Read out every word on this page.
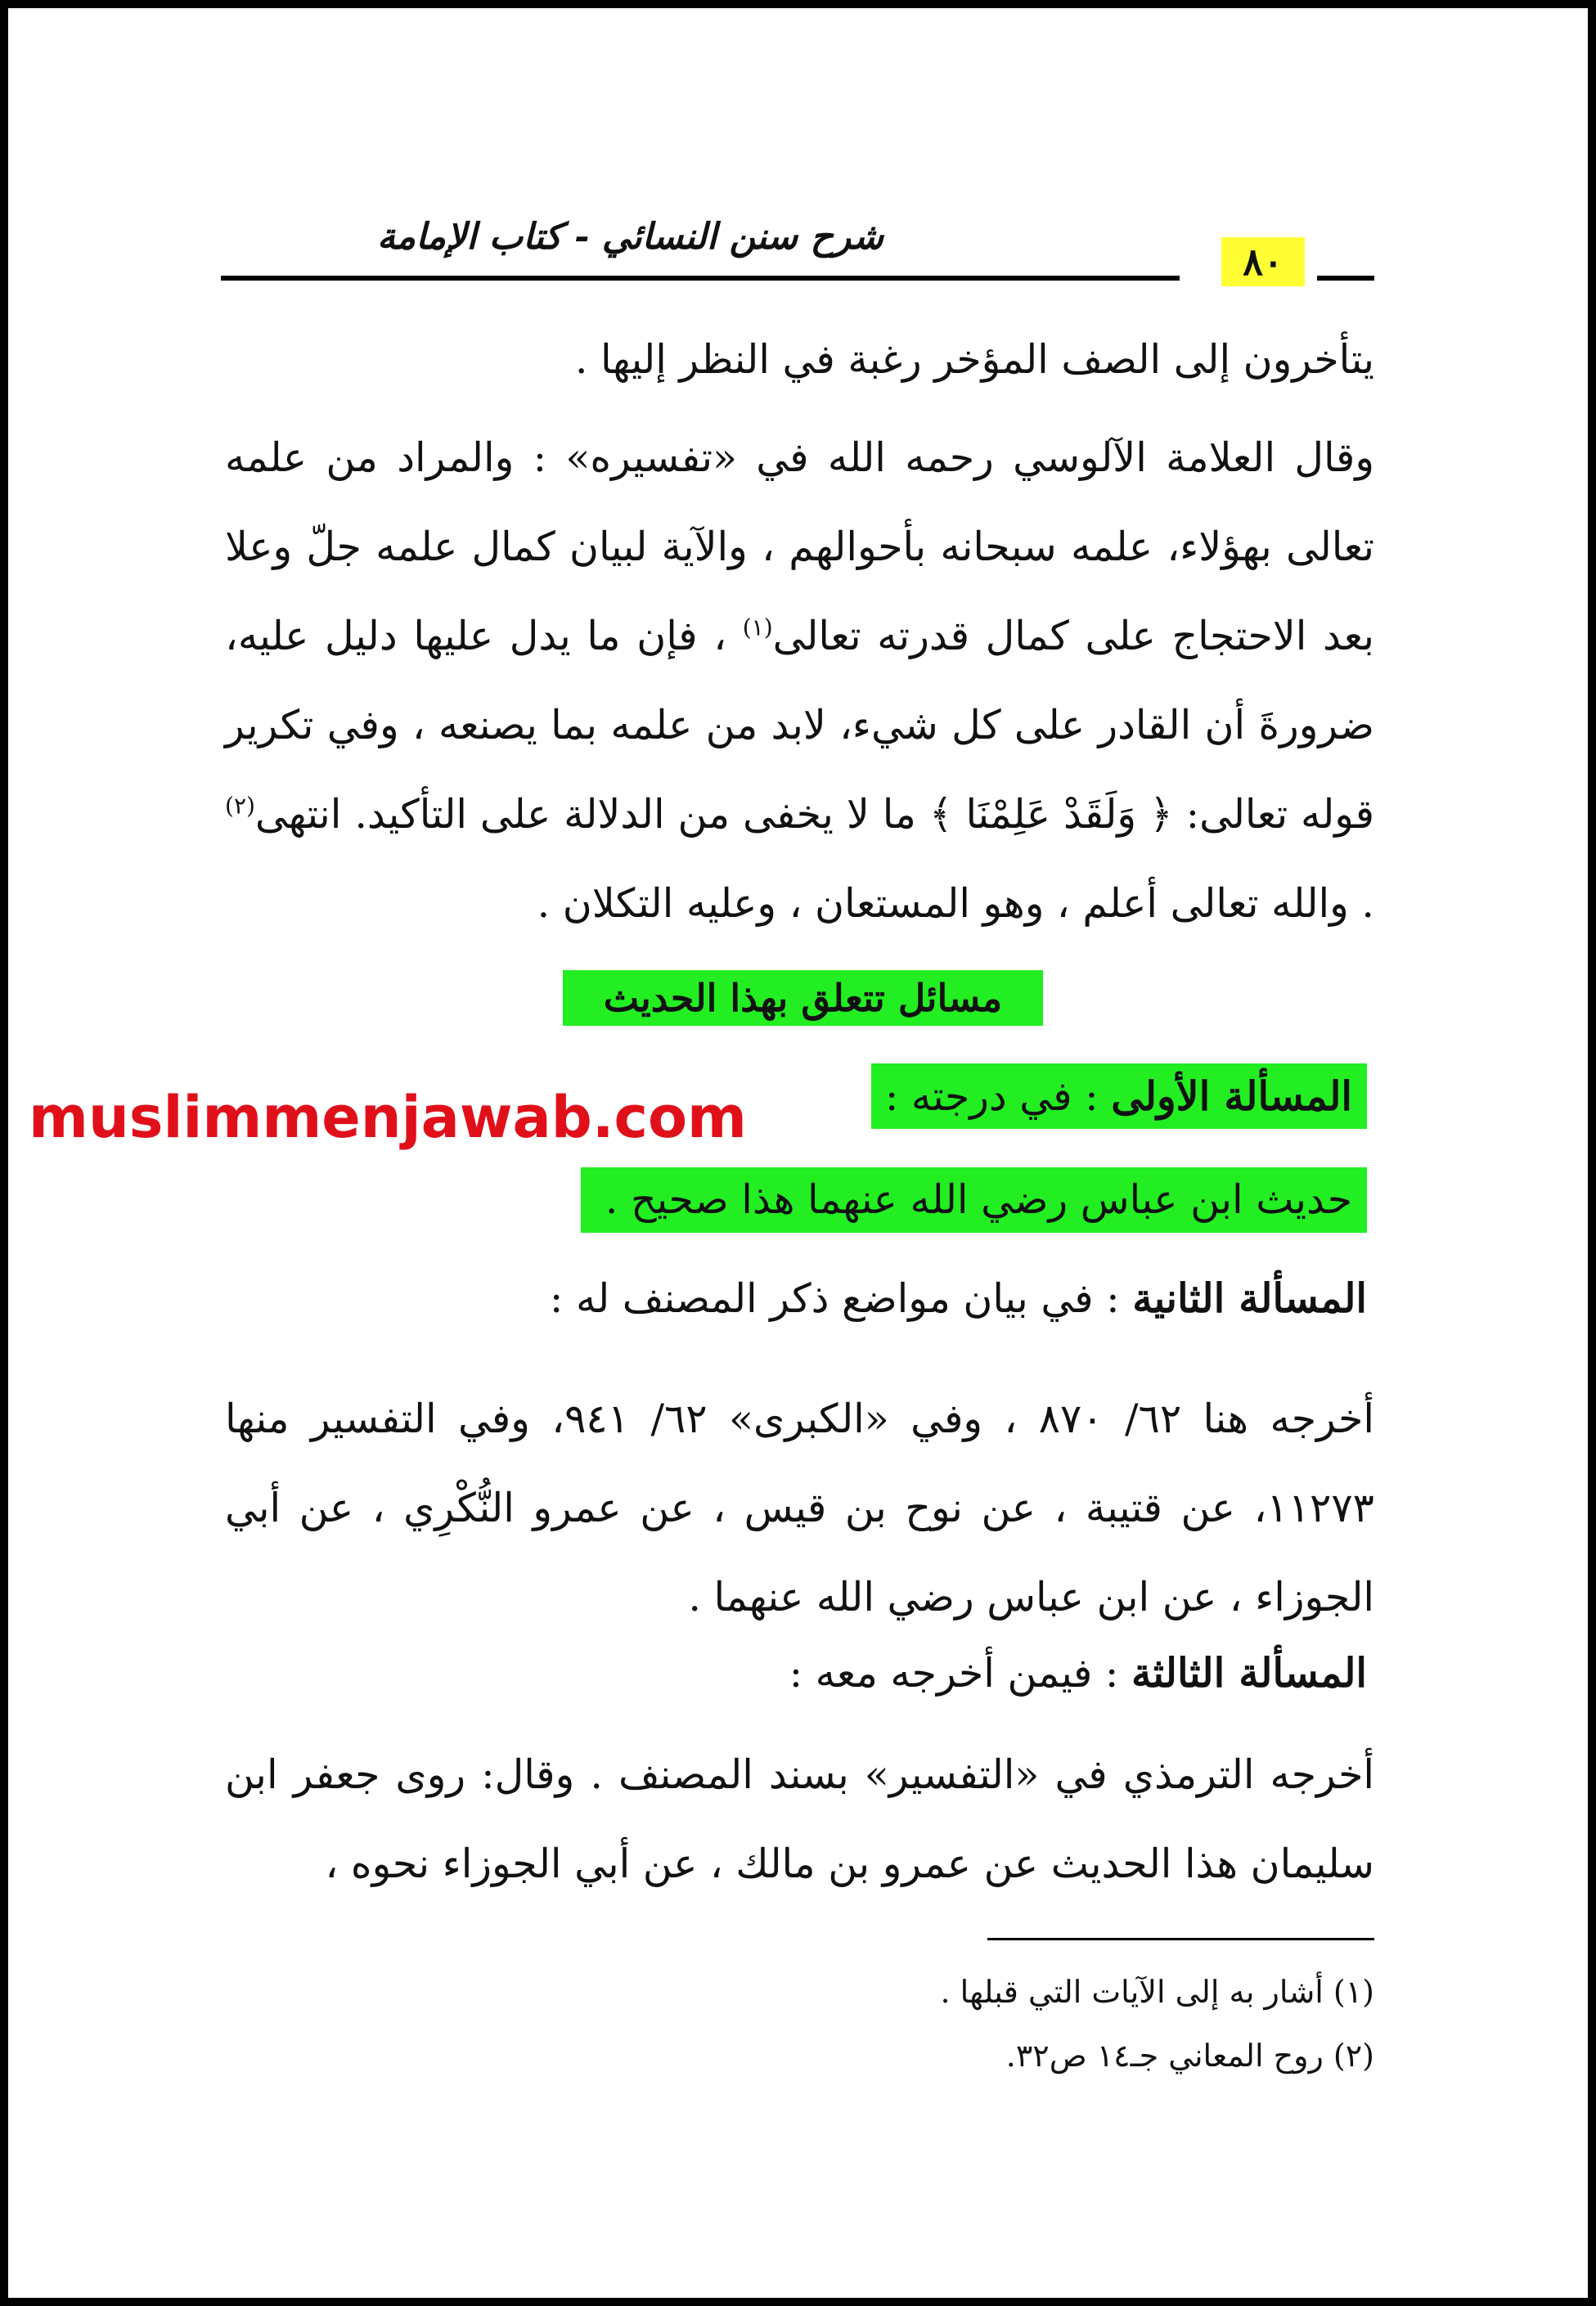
شرح سنن النسائي - كتاب الإمامة
٨٠

يتأخرون إلى الصف المؤخر رغبة في النظر إليها .

وقال العلامة الآلوسي رحمه الله في «تفسيره» : والمراد من علمه تعالى بهؤلاء، علمه سبحانه بأحوالهم ، والآية لبيان كمال علمه جلّ وعلا بعد الاحتجاج على كمال قدرته تعالى$^{(١)}$ ، فإن ما يدل عليها دليل عليه، ضرورةَ أن القادر على كل شيء، لابد من علمه بما يصنعه ، وفي تكرير قوله تعالى: ﴿ وَلَقَدْ عَلِمْنَا ﴾ ما لا يخفى من الدلالة على التأكيد. انتهى$^{(٢)}$ . والله تعالى أعلم ، وهو المستعان ، وعليه التكلان .

مسائل تتعلق بهذا الحديث
المسألة الأولى : في درجته :
حديث ابن عباس رضي الله عنهما هذا صحيح .
المسألة الثانية : في بيان مواضع ذكر المصنف له :

أخرجه هنا ٦٢/ ٨٧٠ ، وفي «الكبرى» ٦٢/ ٩٤١، وفي التفسير منها ١١٢٧٣، عن قتيبة ، عن نوح بن قيس ، عن عمرو النُّكْرِي ، عن أبي الجوزاء ، عن ابن عباس رضي الله عنهما .

المسألة الثالثة : فيمن أخرجه معه :

أخرجه الترمذي في «التفسير» بسند المصنف . وقال: روى جعفر ابن سليمان هذا الحديث عن عمرو بن مالك ، عن أبي الجوزاء نحوه ،

muslimmenjawab.com
(١) أشار به إلى الآيات التي قبلها .
(٢) روح المعاني جـ١٤ ص٣٢.
